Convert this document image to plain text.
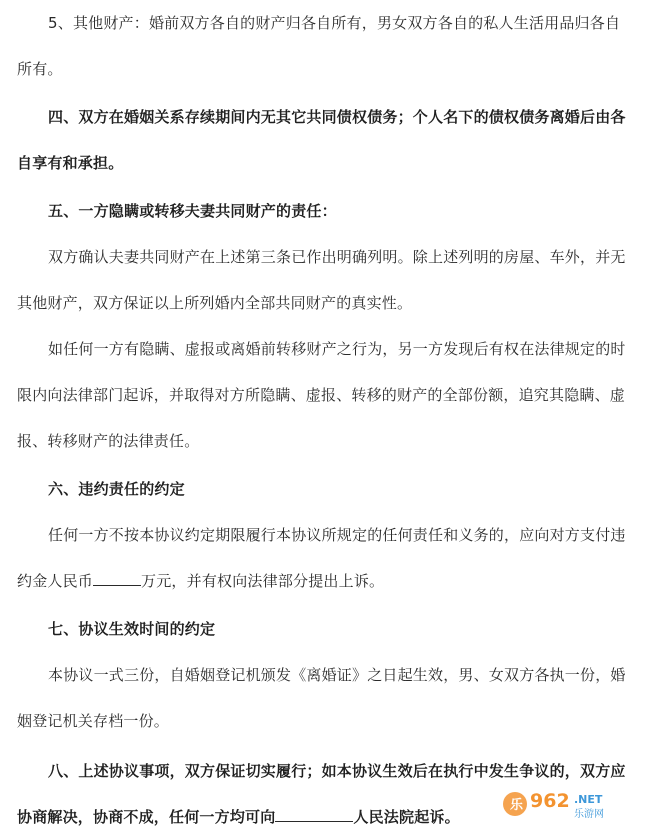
5、其他财产：婚前双方各自的财产归各自所有，男女双方各自的私人生活用品归各自

所有。

四、双方在婚姻关系存续期间内无其它共同债权债务；个人名下的债权债务离婚后由各

自享有和承担。

五、一方隐瞒或转移夫妻共同财产的责任：

双方确认夫妻共同财产在上述第三条已作出明确列明。除上述列明的房屋、车外，并无

其他财产，双方保证以上所列婚内全部共同财产的真实性。

如任何一方有隐瞒、虚报或离婚前转移财产之行为，另一方发现后有权在法律规定的时

限内向法律部门起诉，并取得对方所隐瞒、虚报、转移的财产的全部份额，追究其隐瞒、虚

报、转移财产的法律责任。

六、违约责任的约定

任何一方不按本协议约定期限履行本协议所规定的任何责任和义务的，应向对方支付违

约金人民币	万元，并有权向法律部分提出上诉。

七、协议生效时间的约定

本协议一式三份，自婚姻登记机颁发《离婚证》之日起生效，男、女双方各执一份，婚

姻登记机关存档一份。

八、上述协议事项，双方保证切实履行；如本协议生效后在执行中发生争议的，双方应

协商解决，协商不成，任何一方均可向	人民法院起诉。

乐 962 .NET
乐游网
